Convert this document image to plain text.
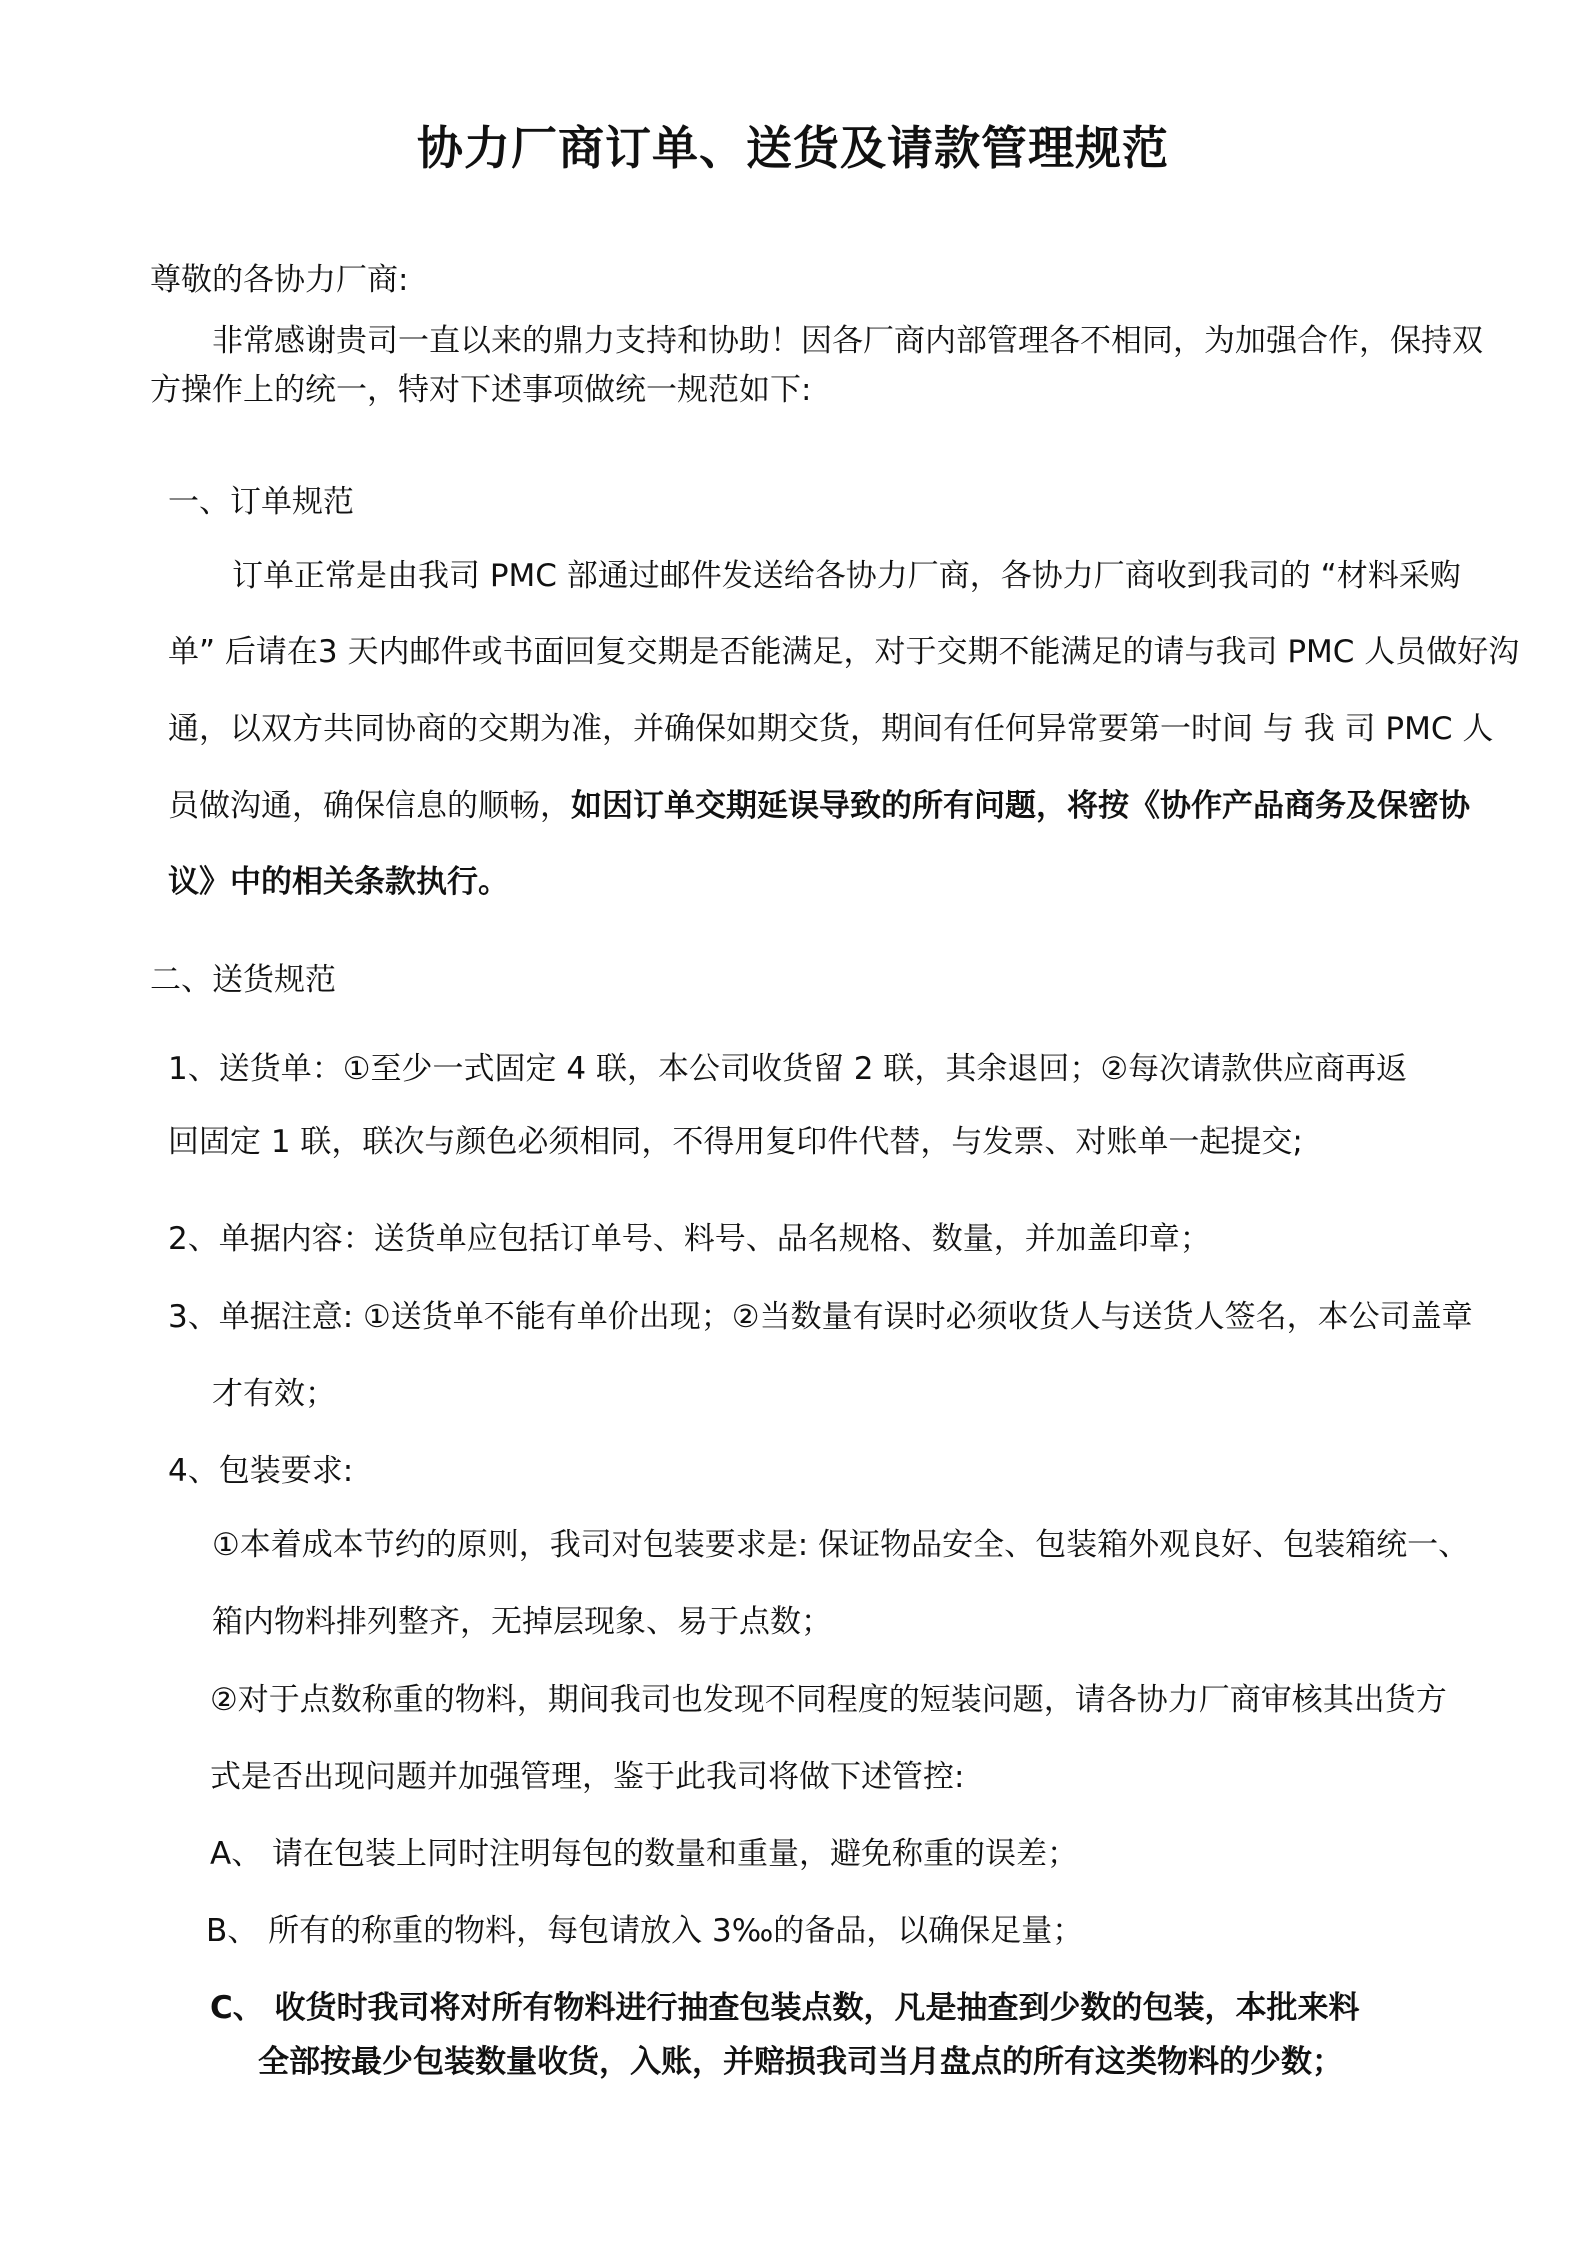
协力厂商订单、送货及请款管理规范
尊敬的各协力厂商:
非常感谢贵司一直以来的鼎力支持和协助！因各厂商内部管理各不相同，为加强合作，保持双
方操作上的统一，特对下述事项做统一规范如下:
一、订单规范
订单正常是由我司 PMC 部通过邮件发送给各协力厂商，各协力厂商收到我司的 “材料采购
单” 后请在3 天内邮件或书面回复交期是否能满足，对于交期不能满足的请与我司 PMC 人员做好沟
通，以双方共同协商的交期为准，并确保如期交货，期间有任何异常要第一时间 与 我 司 PMC 人
员做沟通，确保信息的顺畅，如因订单交期延误导致的所有问题，将按《协作产品商务及保密协
议》中的相关条款执行。
二、送货规范
1、送货单：①至少一式固定 4 联，本公司收货留 2 联，其余退回；②每次请款供应商再返
回固定 1 联，联次与颜色必须相同，不得用复印件代替，与发票、对账单一起提交;
2、单据内容：送货单应包括订单号、料号、品名规格、数量，并加盖印章；
3、单据注意: ①送货单不能有单价出现；②当数量有误时必须收货人与送货人签名，本公司盖章
才有效；
4、包装要求:
①本着成本节约的原则，我司对包装要求是: 保证物品安全、包装箱外观良好、包装箱统一、
箱内物料排列整齐，无掉层现象、易于点数；
②对于点数称重的物料，期间我司也发现不同程度的短装问题，请各协力厂商审核其出货方
式是否出现问题并加强管理，鉴于此我司将做下述管控:
A、 请在包装上同时注明每包的数量和重量，避免称重的误差；
B、 所有的称重的物料，每包请放入 3‰的备品，以确保足量；
C、 收货时我司将对所有物料进行抽查包装点数，凡是抽查到少数的包装，本批来料
全部按最少包装数量收货，入账，并赔损我司当月盘点的所有这类物料的少数；
